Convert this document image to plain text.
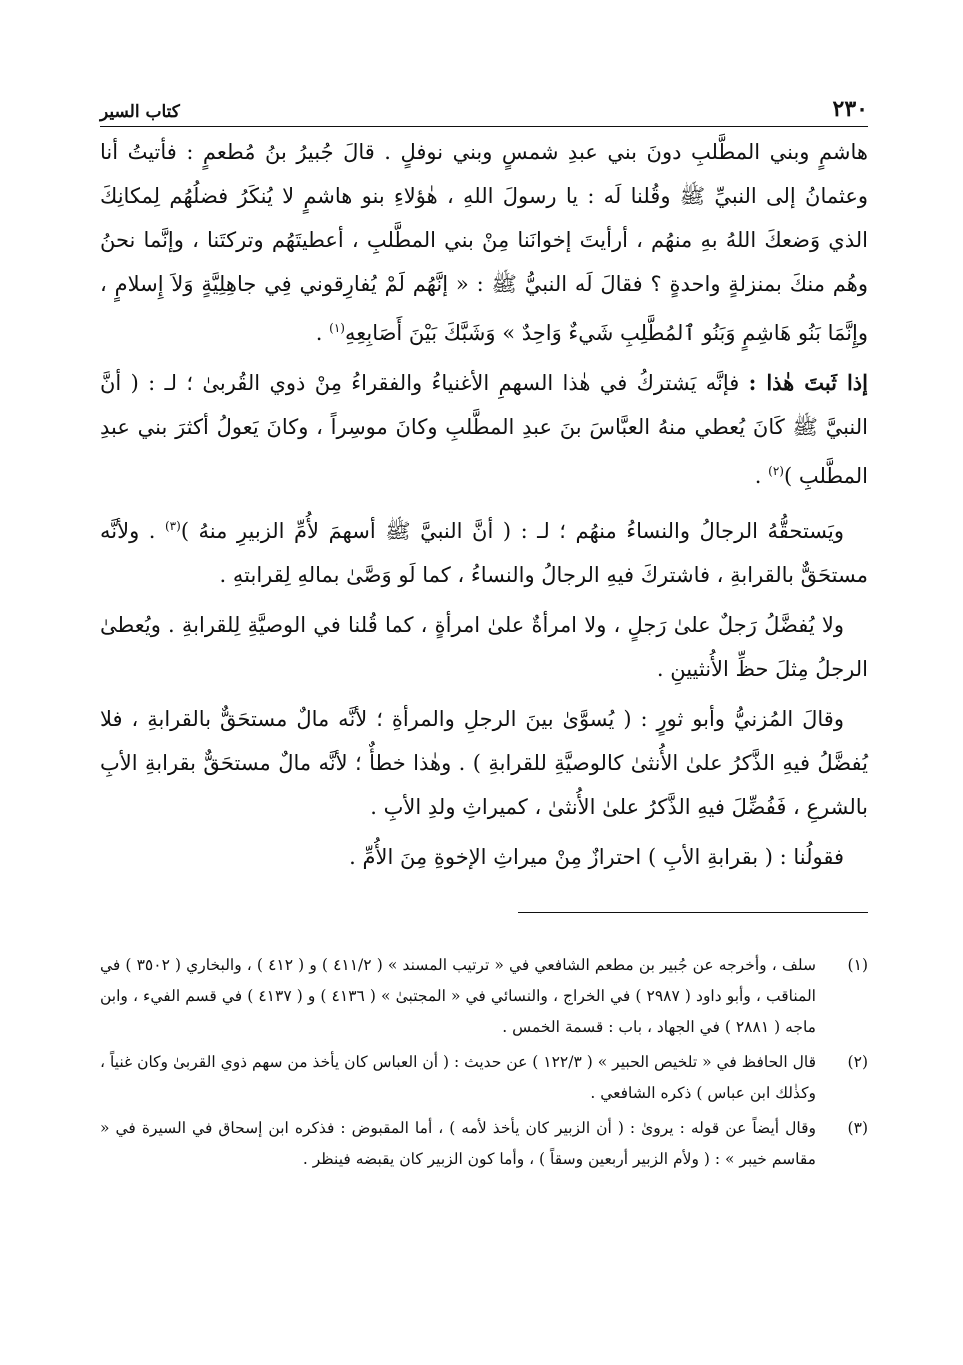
٢٣٠
كتاب السير

هاشمٍ وبني المطَّلبِ دونَ بني عبدِ شمسٍ وبني نوفلٍ . قالَ جُبيرُ بنُ مُطعمٍ : فأتيتُ أنا وعثمانُ إلى النبيِّ ﷺ وقُلنا لَه : يا رسولَ اللهِ ، هٰؤلاءِ بنو هاشمٍ لا يُنكَرُ فضلُهُم لِمكانِكَ الذي وَضعكَ اللهُ بهِ منهُم ، أرأيتَ إخوانَنا مِنْ بني المطَّلبِ ، أعطيتَهُم وتركتَنا ، وإنَّما نحنُ وهُم منكَ بمنزلةٍ واحدةٍ ؟ فقالَ لَه النبيُّ ﷺ : « إنَّهُم لَمْ يُفارِقوني فِي جاهِلِيَّةٍ وَلاَ إِسلامٍ ، وإِنَّمَا بَنُو هَاشِمٍ وَبَنُو ٱلمُطَّلِبِ شَيءٌ وَاحِدٌ » وَشَبَّكَ بَيْنَ أَصَابِعِهِ$^{(١)}$ .

إذا ثَبتَ هٰذا : فإنَّه يَشتركُ في هٰذا السهمِ الأغنياءُ والفقراءُ مِنْ ذوي القُربىٰ ؛ لـ : ( أنَّ النبيَّ ﷺ كَانَ يُعطي منهُ العبَّاسَ بنَ عبدِ المطَّلبِ وكانَ موسِراً ، وكانَ يَعولُ أكثرَ بني عبدِ المطَّلبِ )$^{(٢)}$ .

ويَستحقُّهُ الرجالُ والنساءُ منهُم ؛ لـ : ( أنَّ النبيَّ ﷺ أسهمَ لأُمِّ الزبيرِ منهُ )$^{(٣)}$ . ولأنَّه مستحَقٌّ بالقرابةِ ، فاشتركَ فيهِ الرجالُ والنساءُ ، كما لَو وَصَّىٰ بمالهِ لِقرابتهِ .

ولا يُفضَّلُ رَجلٌ علىٰ رَجلٍ ، ولا امرأةٌ علىٰ امرأةٍ ، كما قُلنا في الوصيَّةِ لِلقرابةِ . ويُعطىٰ الرجلُ مِثلَ حظِّ الأُنثيينِ .

وقالَ المُزنيُّ وأبو ثورٍ : ( يُسوَّىٰ بينَ الرجلِ والمرأةِ ؛ لأنَّه مالٌ مستحَقٌّ بالقرابةِ ، فلا يُفضَّلُ فيهِ الذَّكرُ علىٰ الأُنثىٰ كالوصيَّةِ للقرابةِ ) . وهٰذا خطأٌ ؛ لأنَّه مالٌ مستحَقٌّ بقرابةِ الأبِ بالشرعِ ، فَفُضِّلَ فيهِ الذَّكرُ علىٰ الأُنثىٰ ، كميراثِ ولدِ الأبِ .

فقولُنا : ( بقرابةِ الأبِ ) احترازٌ مِنْ ميراثِ الإخوةِ مِنَ الأُمِّ .

(١)
سلف ، وأخرجه عن جُبير بن مطعم الشافعي في « ترتيب المسند » ( ٤١١/٢ ) و ( ٤١٢ ) ، والبخاري ( ٣٥٠٢ ) في المناقب ، وأبو داود ( ٢٩٨٧ ) في الخراج ، والنسائي في « المجتبىٰ » ( ٤١٣٦ ) و ( ٤١٣٧ ) في قسم الفيء ، وابن ماجه ( ٢٨٨١ ) في الجهاد ، باب : قسمة الخمس .
(٢)
قال الحافظ في « تلخيص الحبير » ( ١٢٢/٣ ) عن حديث : ( أن العباس كان يأخذ من سهم ذوي القربىٰ وكان غنياً ، وكذٰلك ابن عباس ) ذكره الشافعي .
(٣)
وقال أيضاً عن قوله : يروىٰ : ( أن الزبير كان يأخذ لأمه ) ، أما المقبوض : فذكره ابن إسحاق في السيرة في « مقاسم خيبر » : ( ولأم الزبير أربعين وسقاً ) ، وأما كون الزبير كان يقبضه فينظر .
